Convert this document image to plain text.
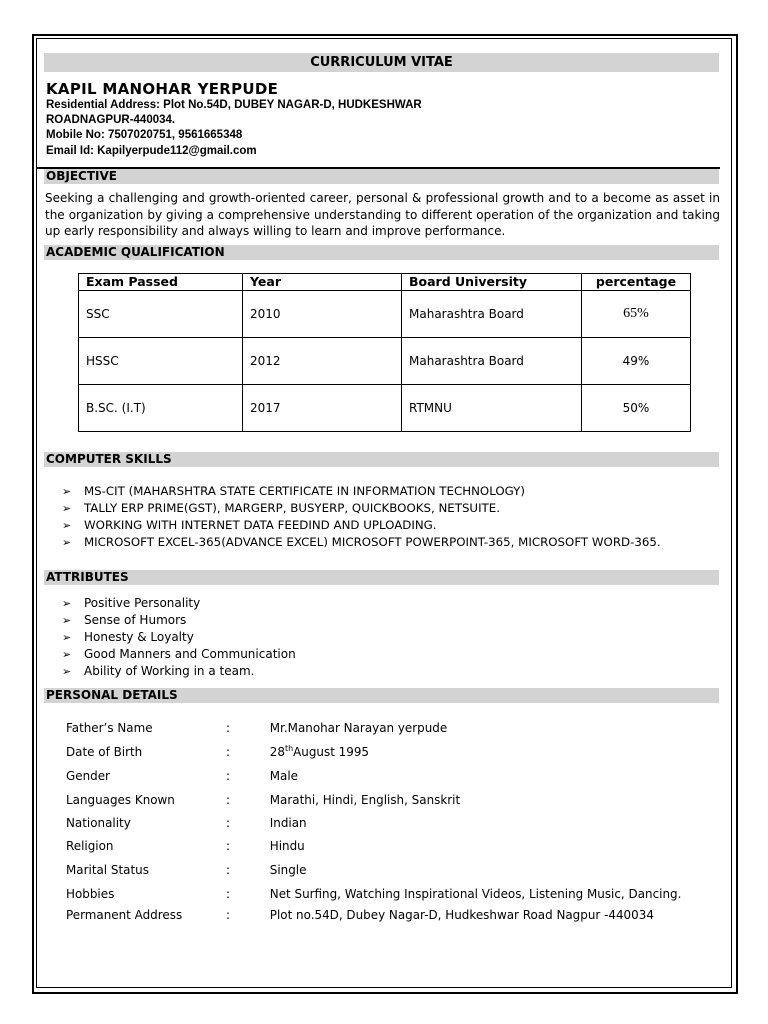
CURRICULUM VITAE
KAPIL MANOHAR YERPUDE
Residential Address: Plot No.54D, DUBEY NAGAR-D, HUDKESHWAR
ROADNAGPUR-440034.
Mobile No: 7507020751, 9561665348
Email Id: Kapilyerpude112@gmail.com
OBJECTIVE
Seeking a challenging and growth-oriented career, personal & professional growth and to a become as asset in the organization by giving a comprehensive understanding to different operation of the organization and taking up early responsibility and always willing to learn and improve performance.
ACADEMIC QUALIFICATION
Exam Passed	Year	Board University	percentage
SSC	2010	Maharashtra Board	65%
HSSC	2012	Maharashtra Board	49%
B.SC. (I.T)	2017	RTMNU	50%
COMPUTER SKILLS
➢ MS-CIT (MAHARSHTRA STATE CERTIFICATE IN INFORMATION TECHNOLOGY)
➢ TALLY ERP PRIME(GST), MARGERP, BUSYERP, QUICKBOOKS, NETSUITE.
➢ WORKING WITH INTERNET DATA FEEDIND AND UPLOADING.
➢ MICROSOFT EXCEL-365(ADVANCE EXCEL) MICROSOFT POWERPOINT-365, MICROSOFT WORD-365.
ATTRIBUTES
➢ Positive Personality
➢ Sense of Humors
➢ Honesty & Loyalty
➢ Good Manners and Communication
➢ Ability of Working in a team.
PERSONAL DETAILS
Father’s Name	:	Mr.Manohar Narayan yerpude
Date of Birth	:	28thAugust 1995
Gender	:	Male
Languages Known	:	Marathi, Hindi, English, Sanskrit
Nationality	:	Indian
Religion	:	Hindu
Marital Status	:	Single
Hobbies	:	Net Surfing, Watching Inspirational Videos, Listening Music, Dancing.
Permanent Address	:	Plot no.54D, Dubey Nagar-D, Hudkeshwar Road Nagpur -440034
